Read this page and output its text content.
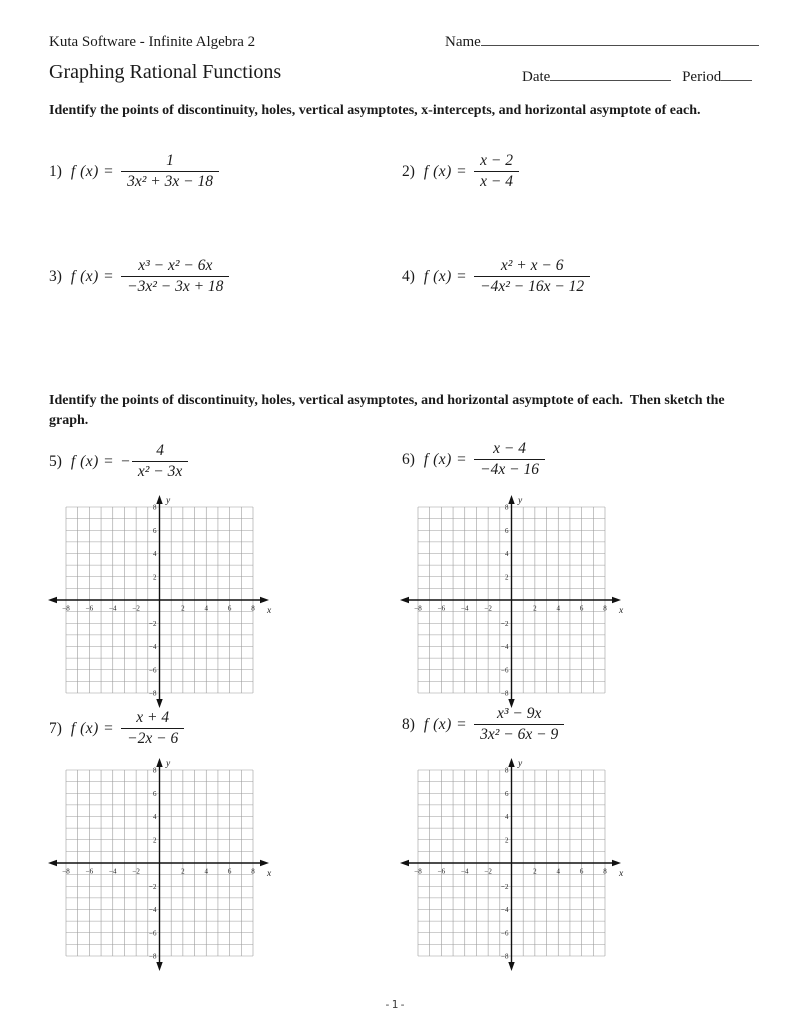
Kuta Software - Infinite Algebra 2	Name
Graphing Rational Functions	Date	Period
Identify the points of discontinuity, holes, vertical asymptotes, x-intercepts, and horizontal asymptote of each.
1) f $(x) = \frac{1}{\text{3x² + 3x − 18}}$	2) f $(x) = \frac{x - 2}{x - 4}$
3) f $(x) = \frac{\text{x³ − x² − 6x}}{\text{−3x² − 3x + 18}}$	4) f $(x) = \frac{\text{x² + x − 6}}{\text{−4x² − 16x − 12}}$
Identify the points of discontinuity, holes, vertical asymptotes, and horizontal asymptote of each.  Then sketch the graph.
5) f (x) = − $\frac{4}{\text{x² − 3x}}$	6) f $(x) = \frac{x - 4}{-4x - 16}$
−8 −6 −4 −2	2	4	6	8
−8
−6
−4
−2
2
4
6
8
x
y
−8 −6 −4 −2	2	4	6	8
−8
−6
−4
−2
2
4
6
8
x
y
7) f $(x) = \frac{x + 4}{-2x - 6}$	8) f $(x) = \frac{\text{x³ − 9x}}{\text{3x² − 6x − 9}}$
−8 −6 −4 −2	2	4	6	8
−8
−6
−4
−2
2
4
6
8
x
y
−8 −6 −4 −2	2	4	6	8
−8
−6
−4
−2
2
4
6
8
x
y
-1-
